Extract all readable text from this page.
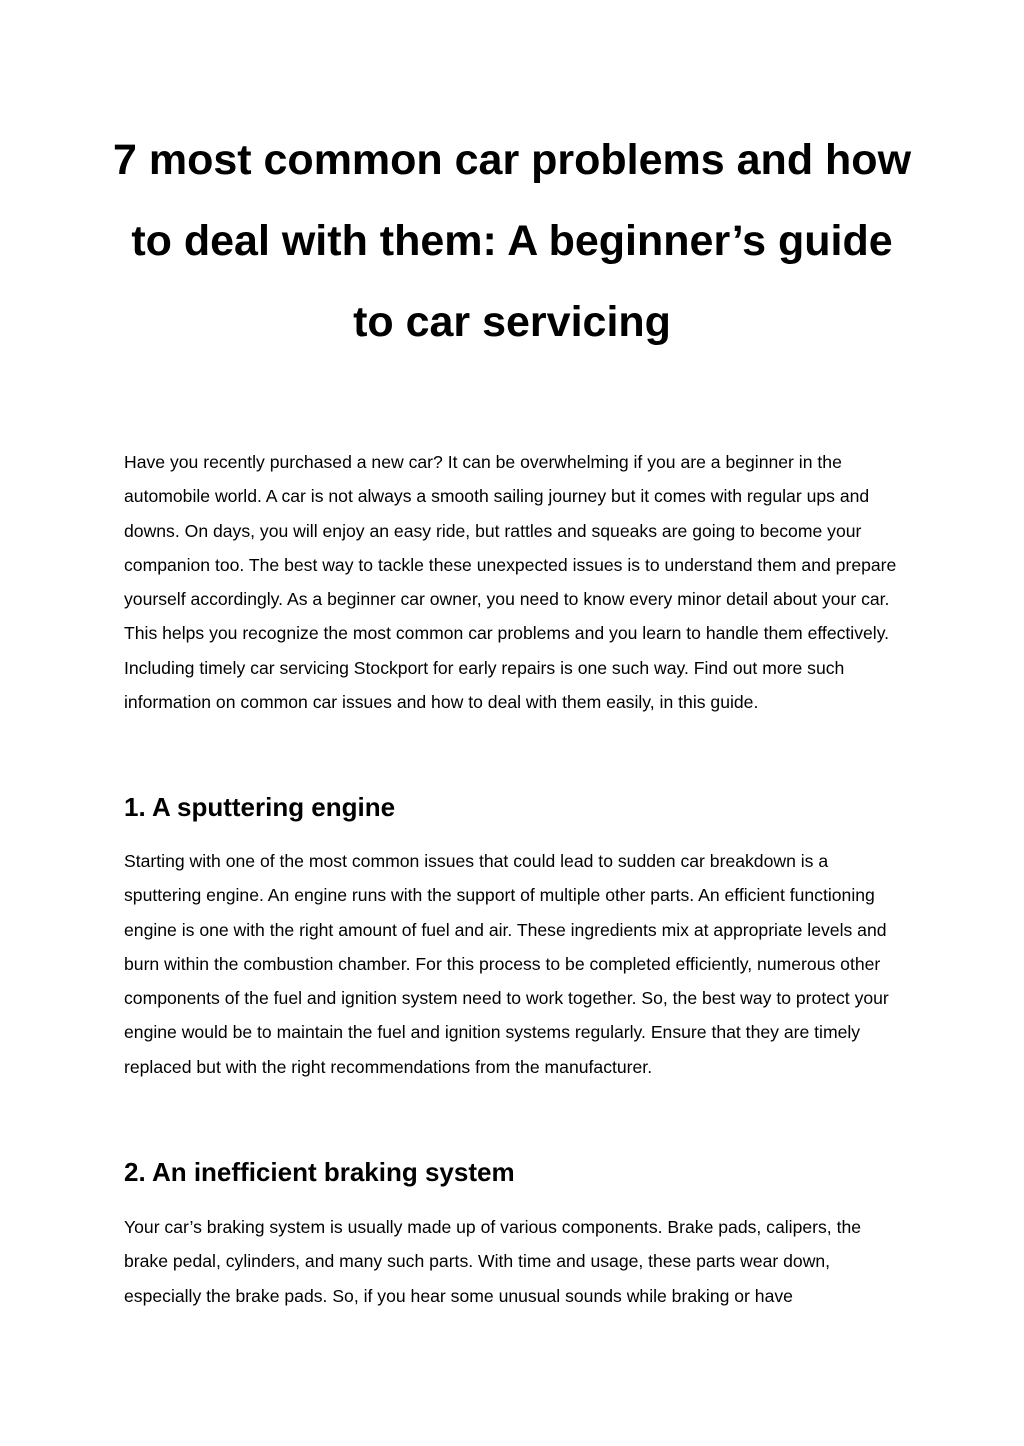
7 most common car problems and how to deal with them: A beginner’s guide to car servicing

Have you recently purchased a new car? It can be overwhelming if you are a beginner in the automobile world. A car is not always a smooth sailing journey but it comes with regular ups and downs. On days, you will enjoy an easy ride, but rattles and squeaks are going to become your companion too. The best way to tackle these unexpected issues is to understand them and prepare yourself accordingly. As a beginner car owner, you need to know every minor detail about your car. This helps you recognize the most common car problems and you learn to handle them effectively. Including timely car servicing Stockport for early repairs is one such way. Find out more such information on common car issues and how to deal with them easily, in this guide.

1. A sputtering engine

Starting with one of the most common issues that could lead to sudden car breakdown is a sputtering engine. An engine runs with the support of multiple other parts. An efficient functioning engine is one with the right amount of fuel and air. These ingredients mix at appropriate levels and burn within the combustion chamber. For this process to be completed efficiently, numerous other components of the fuel and ignition system need to work together. So, the best way to protect your engine would be to maintain the fuel and ignition systems regularly. Ensure that they are timely replaced but with the right recommendations from the manufacturer.

2. An inefficient braking system

Your car’s braking system is usually made up of various components. Brake pads, calipers, the brake pedal, cylinders, and many such parts. With time and usage, these parts wear down, especially the brake pads. So, if you hear some unusual sounds while braking or have
